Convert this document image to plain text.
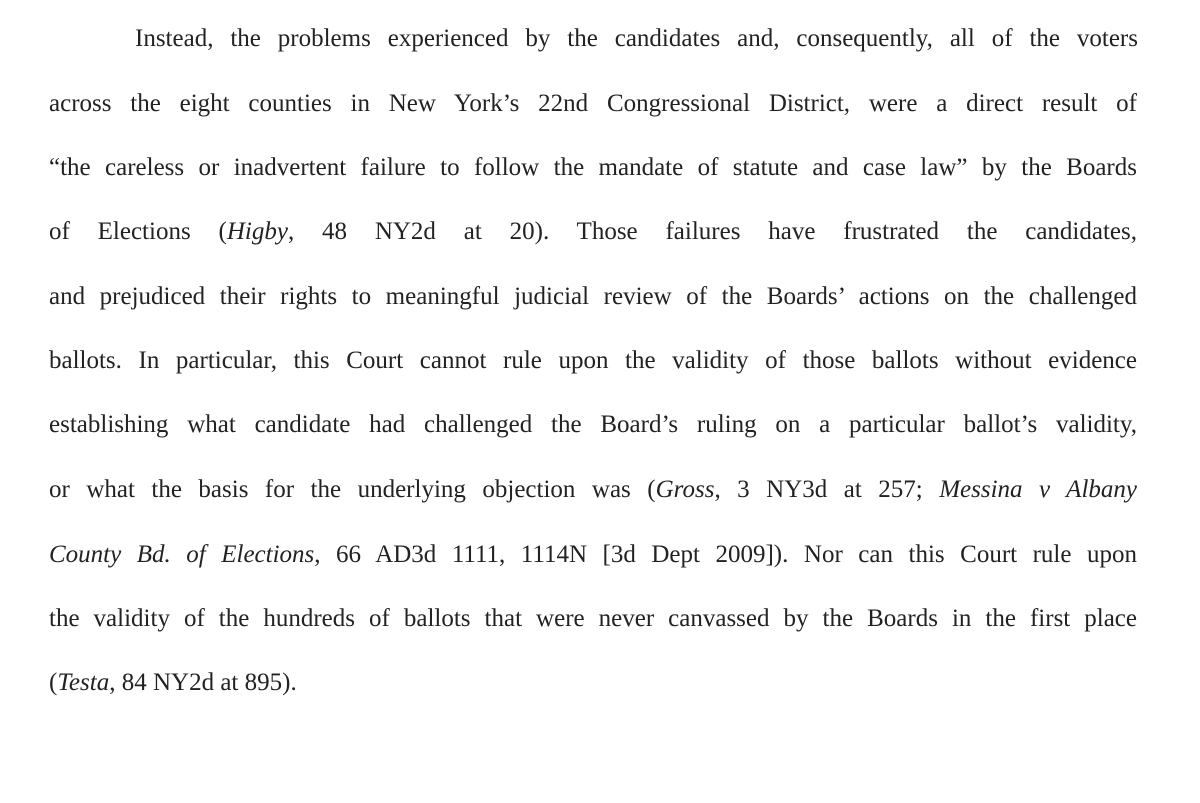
Instead, the problems experienced by the candidates and, consequently, all of the voters
across the eight counties in New York’s 22nd Congressional District, were a direct result of
“the careless or inadvertent failure to follow the mandate of statute and case law” by the Boards
of Elections (Higby, 48 NY2d at 20). Those failures have frustrated the candidates,
and prejudiced their rights to meaningful judicial review of the Boards’ actions on the challenged
ballots. In particular, this Court cannot rule upon the validity of those ballots without evidence
establishing what candidate had challenged the Board’s ruling on a particular ballot’s validity,
or what the basis for the underlying objection was (Gross, 3 NY3d at 257; Messina v Albany
County Bd. of Elections, 66 AD3d 1111, 1114N [3d Dept 2009]). Nor can this Court rule upon
the validity of the hundreds of ballots that were never canvassed by the Boards in the first place
(Testa, 84 NY2d at 895).
